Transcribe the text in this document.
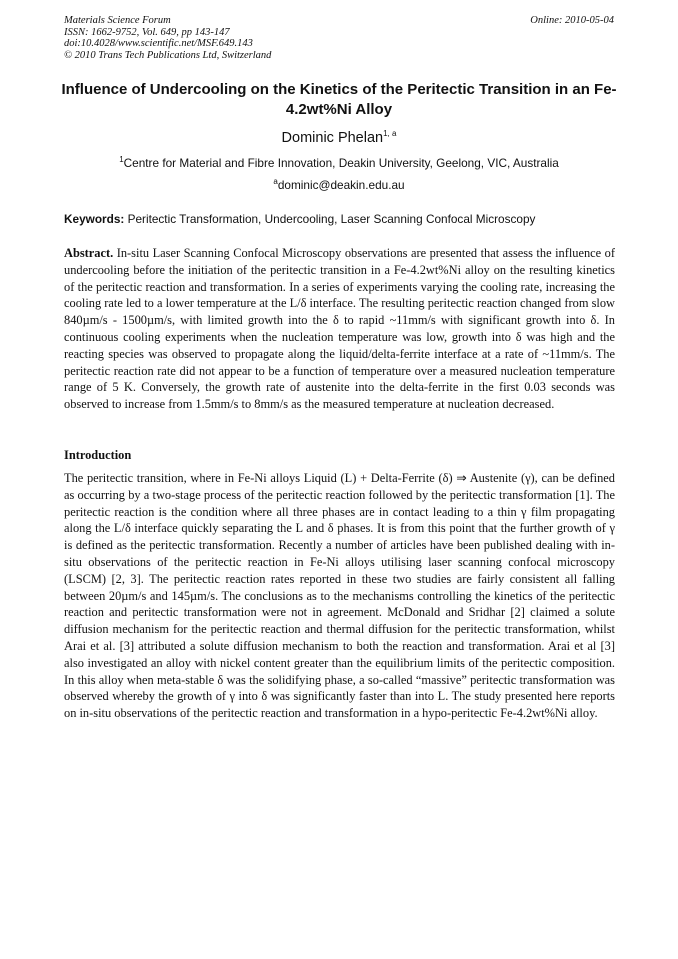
Materials Science Forum
ISSN: 1662-9752, Vol. 649, pp 143-147
doi:10.4028/www.scientific.net/MSF.649.143
© 2010 Trans Tech Publications Ltd, Switzerland
Online: 2010-05-04
Influence of Undercooling on the Kinetics of the Peritectic Transition in an Fe-4.2wt%Ni Alloy
Dominic Phelan$^{1, a}$
$^1$Centre for Material and Fibre Innovation, Deakin University, Geelong, VIC, Australia
$^a$dominic@deakin.edu.au
Keywords: Peritectic Transformation, Undercooling, Laser Scanning Confocal Microscopy
Abstract. In-situ Laser Scanning Confocal Microscopy observations are presented that assess the influence of undercooling before the initiation of the peritectic transition in a Fe-4.2wt%Ni alloy on the resulting kinetics of the peritectic reaction and transformation. In a series of experiments varying the cooling rate, increasing the cooling rate led to a lower temperature at the L/δ interface. The resulting peritectic reaction changed from slow 840µm/s - 1500µm/s, with limited growth into the δ to rapid ~11mm/s with significant growth into δ. In continuous cooling experiments when the nucleation temperature was low, growth into δ was high and the reacting species was observed to propagate along the liquid/delta-ferrite interface at a rate of ~11mm/s. The peritectic reaction rate did not appear to be a function of temperature over a measured nucleation temperature range of 5 K. Conversely, the growth rate of austenite into the delta-ferrite in the first 0.03 seconds was observed to increase from 1.5mm/s to 8mm/s as the measured temperature at nucleation decreased.
Introduction
The peritectic transition, where in Fe-Ni alloys Liquid (L) + Delta-Ferrite (δ) ⇒ Austenite (γ), can be defined as occurring by a two-stage process of the peritectic reaction followed by the peritectic transformation [1]. The peritectic reaction is the condition where all three phases are in contact leading to a thin γ film propagating along the L/δ interface quickly separating the L and δ phases. It is from this point that the further growth of γ is defined as the peritectic transformation. Recently a number of articles have been published dealing with in-situ observations of the peritectic reaction in Fe-Ni alloys utilising laser scanning confocal microscopy (LSCM) [2, 3]. The peritectic reaction rates reported in these two studies are fairly consistent all falling between 20µm/s and 145µm/s. The conclusions as to the mechanisms controlling the kinetics of the peritectic reaction and peritectic transformation were not in agreement. McDonald and Sridhar [2] claimed a solute diffusion mechanism for the peritectic reaction and thermal diffusion for the peritectic transformation, whilst Arai et al. [3] attributed a solute diffusion mechanism to both the reaction and transformation. Arai et al [3] also investigated an alloy with nickel content greater than the equilibrium limits of the peritectic composition. In this alloy when meta-stable δ was the solidifying phase, a so-called “massive” peritectic transformation was observed whereby the growth of γ into δ was significantly faster than into L. The study presented here reports on in-situ observations of the peritectic reaction and transformation in a hypo-peritectic Fe-4.2wt%Ni alloy.
